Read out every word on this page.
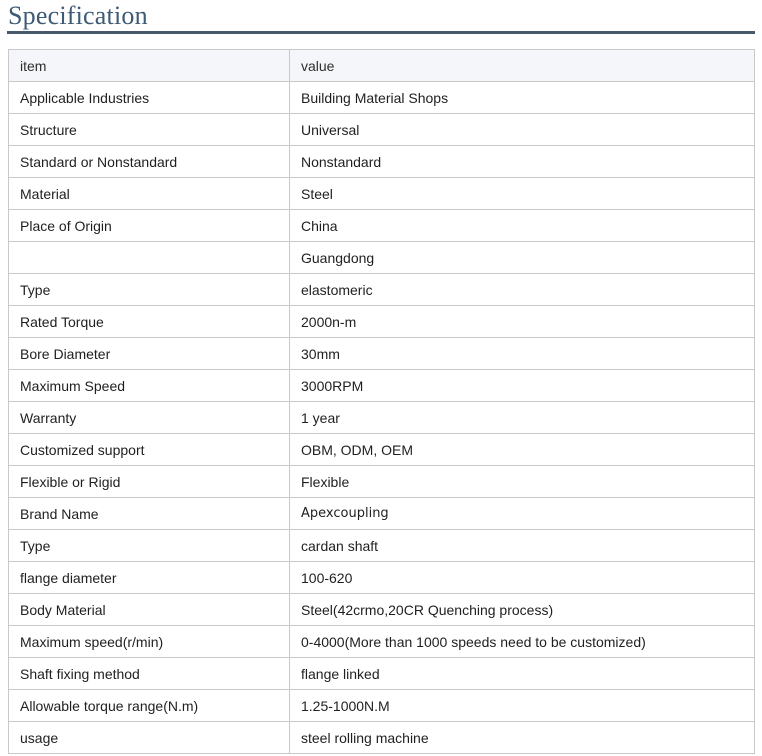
Specification
item	value
Applicable Industries	Building Material Shops
Structure	Universal
Standard or Nonstandard	Nonstandard
Material	Steel
Place of Origin	China
	Guangdong
Type	elastomeric
Rated Torque	2000n-m
Bore Diameter	30mm
Maximum Speed	3000RPM
Warranty	1 year
Customized support	OBM, ODM, OEM
Flexible or Rigid	Flexible
Brand Name	Apexcoupling
Type	cardan shaft
flange diameter	100-620
Body Material	Steel(42crmo,20CR Quenching process)
Maximum speed(r/min)	0-4000(More than 1000 speeds need to be customized)
Shaft fixing method	flange linked
Allowable torque range(N.m)	1.25-1000N.M
usage	steel rolling machine
